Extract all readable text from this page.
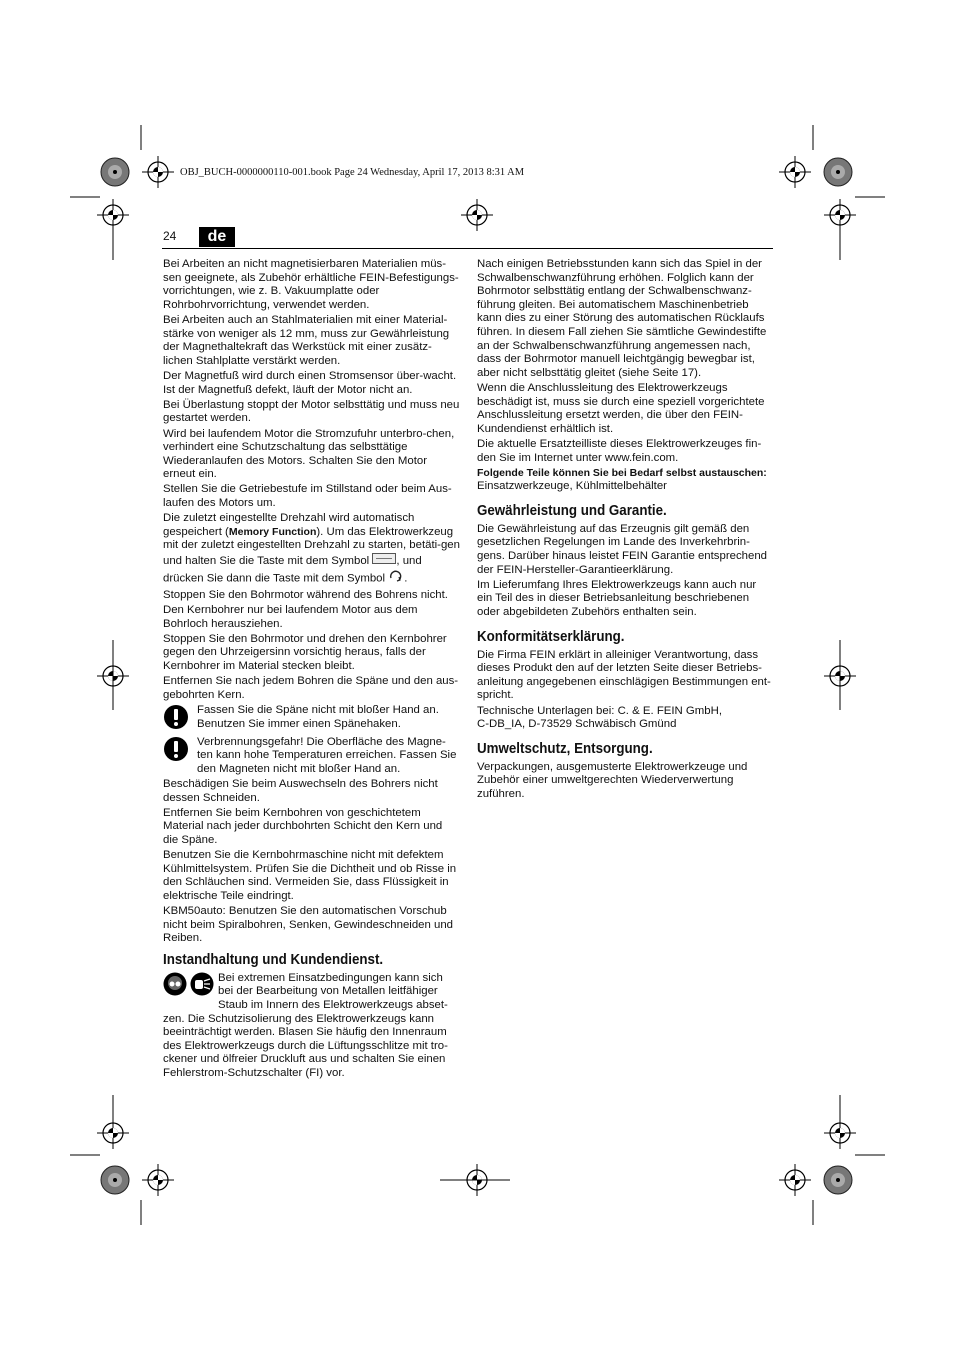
OBJ_BUCH-0000000110-001.book Page 24 Wednesday, April 17, 2013 8:31 AM
24	de

Bei Arbeiten an nicht magnetisierbaren Materialien müs-sen geeignete, als Zubehör erhältliche FEIN-Befestigungs-vorrichtungen, wie z. B. Vakuumplatte oder Rohrbohrvorrichtung, verwendet werden.

Bei Arbeiten auch an Stahlmaterialien mit einer Material-stärke von weniger als 12 mm, muss zur Gewährleistung der Magnethaltekraft das Werkstück mit einer zusätz-lichen Stahlplatte verstärkt werden.

Der Magnetfuß wird durch einen Stromsensor über-wacht. Ist der Magnetfuß defekt, läuft der Motor nicht an.

Bei Überlastung stoppt der Motor selbsttätig und muss neu gestartet werden.

Wird bei laufendem Motor die Stromzufuhr unterbro-chen, verhindert eine Schutzschaltung das selbsttätige Wiederanlaufen des Motors. Schalten Sie den Motor erneut ein.

Stellen Sie die Getriebestufe im Stillstand oder beim Aus-laufen des Motors um.

Die zuletzt eingestellte Drehzahl wird automatisch gespeichert (Memory Function). Um das Elektrowerkzeug mit der zuletzt eingestellten Drehzahl zu starten, betäti-gen und halten Sie die Taste mit dem Symbol , und drücken Sie dann die Taste mit dem Symbol .

Stoppen Sie den Bohrmotor während des Bohrens nicht.

Den Kernbohrer nur bei laufendem Motor aus dem Bohrloch herausziehen.

Stoppen Sie den Bohrmotor und drehen den Kernbohrer gegen den Uhrzeigersinn vorsichtig heraus, falls der Kernbohrer im Material stecken bleibt.

Entfernen Sie nach jedem Bohren die Späne und den aus-gebohrten Kern.

Fassen Sie die Späne nicht mit bloßer Hand an. Benutzen Sie immer einen Spänehaken.
Verbrennungsgefahr! Die Oberfläche des Magne-ten kann hohe Temperaturen erreichen. Fassen Sie den Magneten nicht mit bloßer Hand an.

Beschädigen Sie beim Auswechseln des Bohrers nicht dessen Schneiden.

Entfernen Sie beim Kernbohren von geschichtetem Material nach jeder durchbohrten Schicht den Kern und die Späne.

Benutzen Sie die Kernbohrmaschine nicht mit defektem Kühlmittelsystem. Prüfen Sie die Dichtheit und ob Risse in den Schläuchen sind. Vermeiden Sie, dass Flüssigkeit in elektrische Teile eindringt.

KBM50auto: Benutzen Sie den automatischen Vorschub nicht beim Spiralbohren, Senken, Gewindeschneiden und Reiben.

Instandhaltung und Kundendienst.

Bei extremen Einsatzbedingungen kann sich bei der Bearbeitung von Metallen leitfähiger Staub im Innern des Elektrowerkzeugs abset-zen. Die Schutzisolierung des Elektrowerkzeugs kann beeinträchtigt werden. Blasen Sie häufig den Innenraum des Elektrowerkzeugs durch die Lüftungsschlitze mit tro-ckener und ölfreier Druckluft aus und schalten Sie einen Fehlerstrom-Schutzschalter (FI) vor.

Nach einigen Betriebsstunden kann sich das Spiel in der Schwalbenschwanzführung erhöhen. Folglich kann der Bohrmotor selbsttätig entlang der Schwalbenschwanz-führung gleiten. Bei automatischem Maschinenbetrieb kann dies zu einer Störung des automatischen Rücklaufs führen. In diesem Fall ziehen Sie sämtliche Gewindestifte an der Schwalbenschwanzführung angemessen nach, dass der Bohrmotor manuell leichtgängig bewegbar ist, aber nicht selbsttätig gleitet (siehe Seite 17).

Wenn die Anschlussleitung des Elektrowerkzeugs beschädigt ist, muss sie durch eine speziell vorgerichtete Anschlussleitung ersetzt werden, die über den FEIN-Kundendienst erhältlich ist.

Die aktuelle Ersatzteilliste dieses Elektrowerkzeuges fin-den Sie im Internet unter www.fein.com.

Folgende Teile können Sie bei Bedarf selbst austauschen:
Einsatzwerkzeuge, Kühlmittelbehälter

Gewährleistung und Garantie.

Die Gewährleistung auf das Erzeugnis gilt gemäß den gesetzlichen Regelungen im Lande des Inverkehrbrin-gens. Darüber hinaus leistet FEIN Garantie entsprechend der FEIN-Hersteller-Garantieerklärung.

Im Lieferumfang Ihres Elektrowerkzeugs kann auch nur ein Teil des in dieser Betriebsanleitung beschriebenen oder abgebildeten Zubehörs enthalten sein.

Konformitätserklärung.

Die Firma FEIN erklärt in alleiniger Verantwortung, dass dieses Produkt den auf der letzten Seite dieser Betriebs-anleitung angegebenen einschlägigen Bestimmungen ent-spricht.

Technische Unterlagen bei: C. & E. FEIN GmbH,
C-DB_IA, D-73529 Schwäbisch Gmünd

Umweltschutz, Entsorgung.

Verpackungen, ausgemusterte Elektrowerkzeuge und Zubehör einer umweltgerechten Wiederverwertung zuführen.
